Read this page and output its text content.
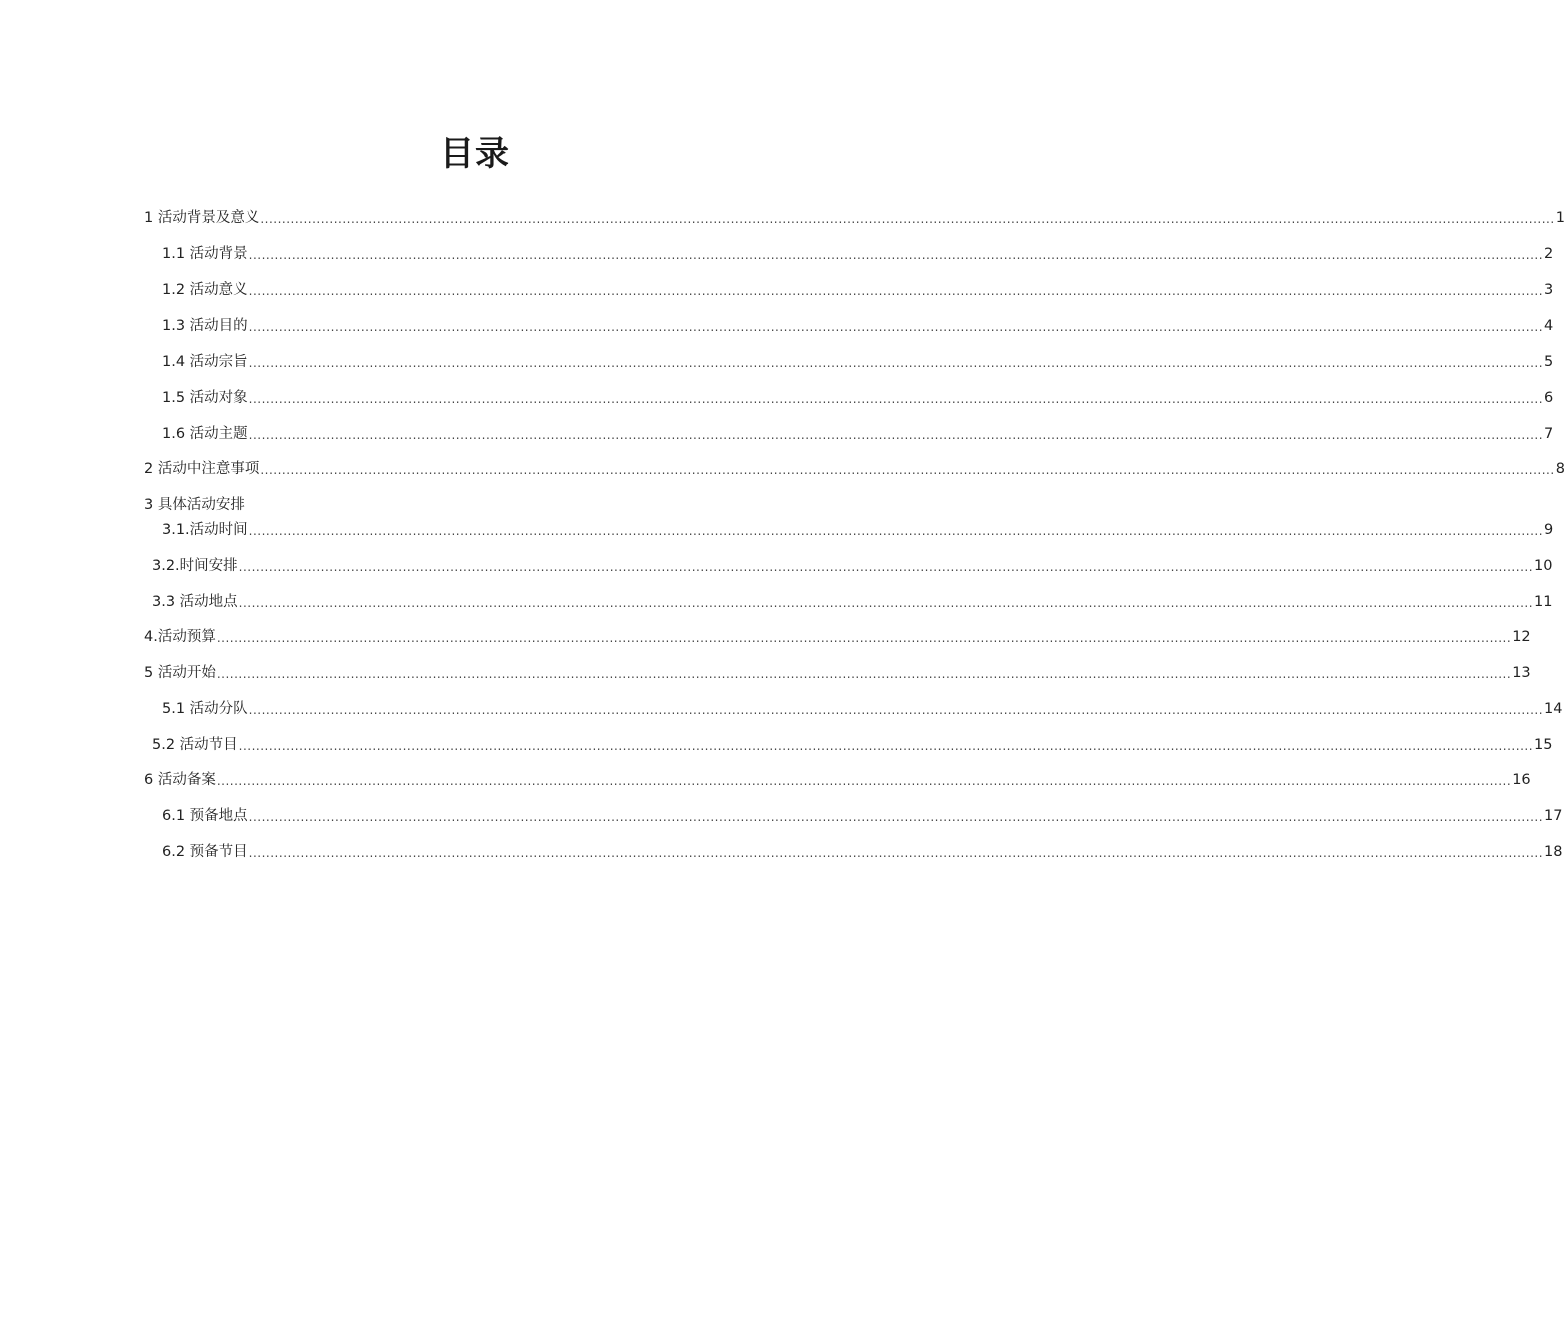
目录
1 活动背景及意义 ............................................................................................................................................................................................................................................................................................................ 1
1.1 活动背景 ............................................................................................................................................................................................................................................................................................................ 2
1.2 活动意义 ............................................................................................................................................................................................................................................................................................................ 3
1.3 活动目的 ............................................................................................................................................................................................................................................................................................................ 4
1.4 活动宗旨 ............................................................................................................................................................................................................................................................................................................ 5
1.5 活动对象 ............................................................................................................................................................................................................................................................................................................ 6
1.6 活动主题 ............................................................................................................................................................................................................................................................................................................ 7
2 活动中注意事项 ............................................................................................................................................................................................................................................................................................................ 8
3 具体活动安排
3.1.活动时间 ............................................................................................................................................................................................................................................................................................................ 9
3.2.时间安排 ............................................................................................................................................................................................................................................................................................................ 10
3.3 活动地点 ............................................................................................................................................................................................................................................................................................................ 11
4.活动预算 ............................................................................................................................................................................................................................................................................................................ 12
5 活动开始 ............................................................................................................................................................................................................................................................................................................ 13
5.1 活动分队 ............................................................................................................................................................................................................................................................................................................ 14
5.2 活动节目 ............................................................................................................................................................................................................................................................................................................ 15
6 活动备案 ............................................................................................................................................................................................................................................................................................................ 16
6.1 预备地点 ............................................................................................................................................................................................................................................................................................................ 17
6.2 预备节目 ............................................................................................................................................................................................................................................................................................................ 18
